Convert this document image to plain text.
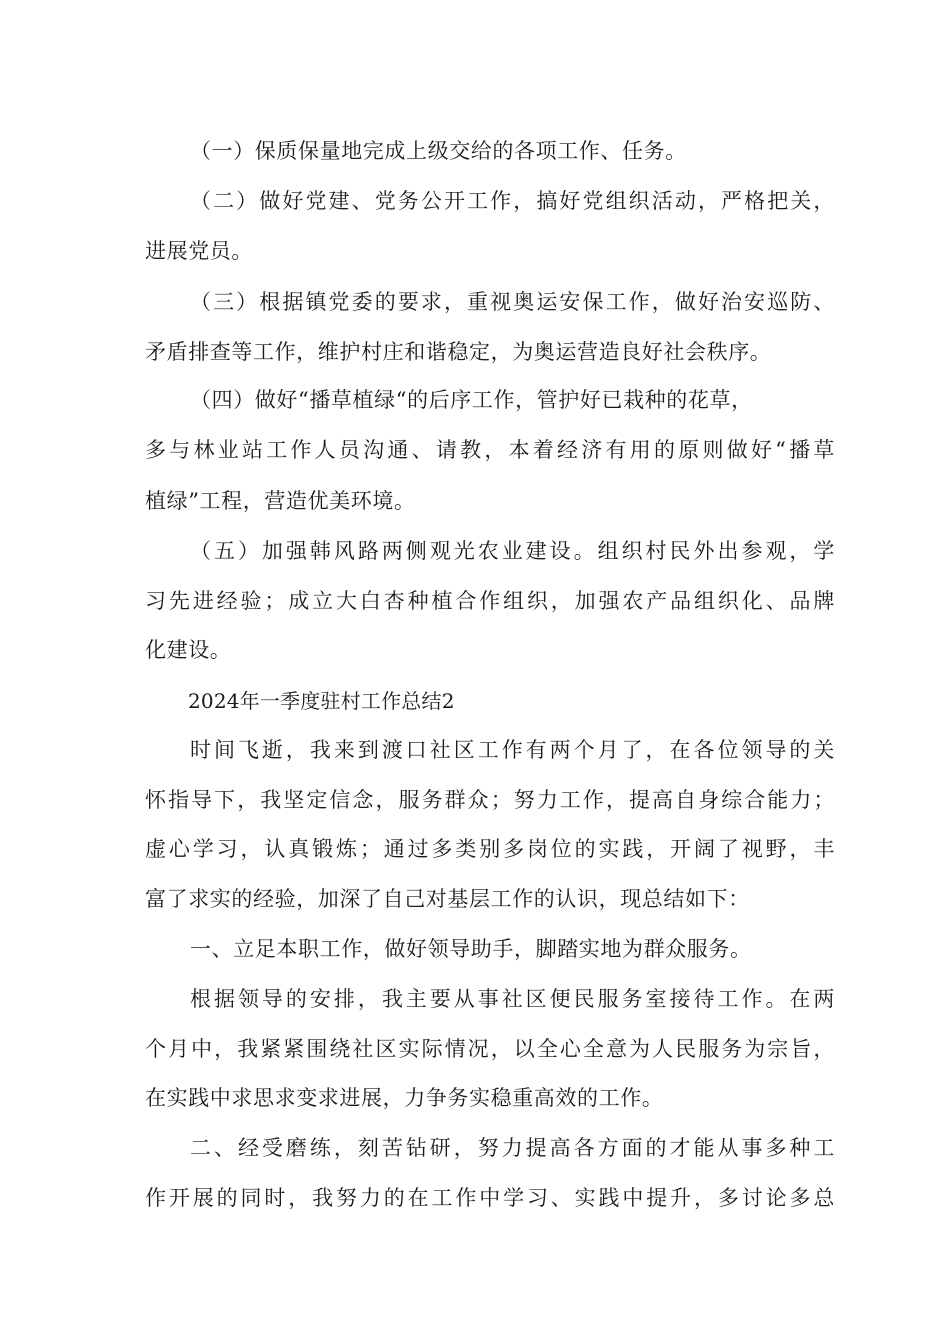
（一）保质保量地完成上级交给的各项工作、任务。
（二）做好党建、党务公开工作，搞好党组织活动，严格把关，
进展党员。
（三）根据镇党委的要求，重视奥运安保工作，做好治安巡防、
矛盾排查等工作，维护村庄和谐稳定，为奥运营造良好社会秩序。
（四）做好“播草植绿“的后序工作，管护好已栽种的花草，
多与林业站工作人员沟通、请教，本着经济有用的原则做好“播草
植绿”工程，营造优美环境。
（五）加强韩风路两侧观光农业建设。组织村民外出参观，学
习先进经验；成立大白杏种植合作组织，加强农产品组织化、品牌
化建设。
2024年一季度驻村工作总结2
时间飞逝，我来到渡口社区工作有两个月了，在各位领导的关
怀指导下，我坚定信念，服务群众；努力工作，提高自身综合能力；
虚心学习，认真锻炼；通过多类别多岗位的实践，开阔了视野，丰
富了求实的经验，加深了自己对基层工作的认识，现总结如下：
一、立足本职工作，做好领导助手，脚踏实地为群众服务。
根据领导的安排，我主要从事社区便民服务室接待工作。在两
个月中，我紧紧围绕社区实际情况，以全心全意为人民服务为宗旨，
在实践中求思求变求进展，力争务实稳重高效的工作。
二、经受磨练，刻苦钻研，努力提高各方面的才能从事多种工
作开展的同时，我努力的在工作中学习、实践中提升，多讨论多总
